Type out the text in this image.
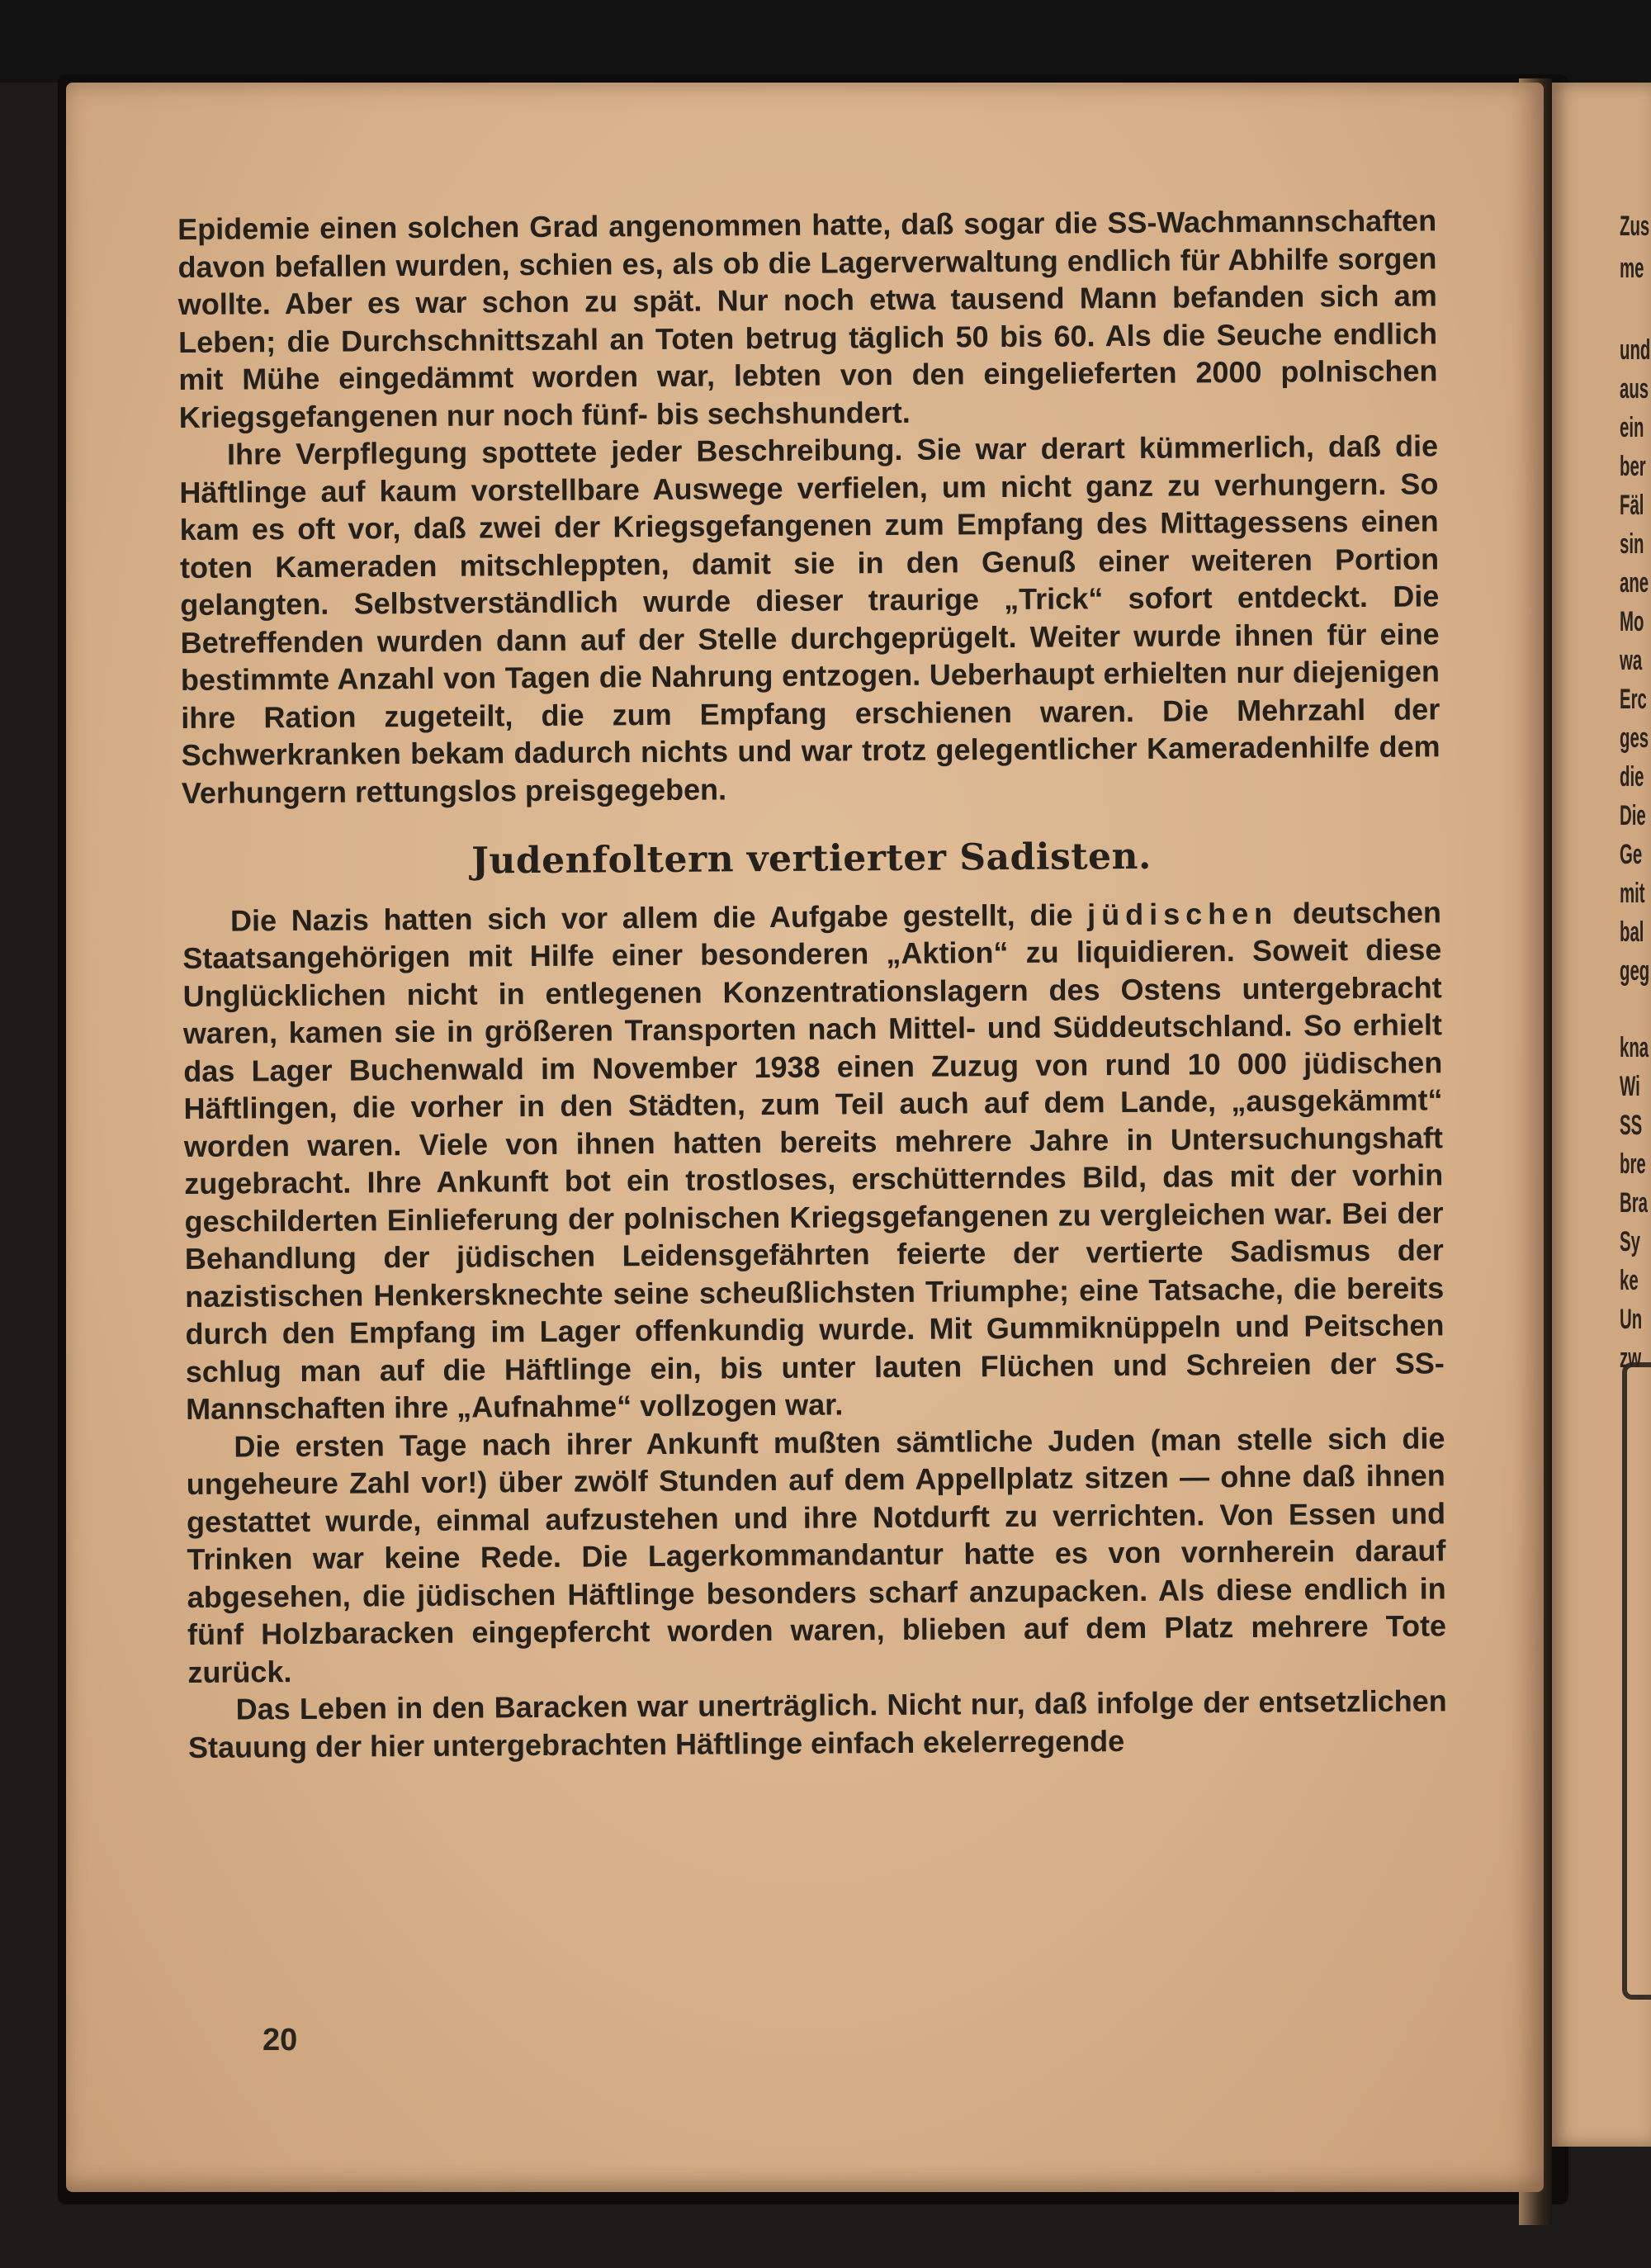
Zus
me
und
aus
ein
ber
Fäl
sin
ane
Mo
wa
Erc
ges
die
Die
Ge
mit
bal
geg
kna
Wi
SS
bre
Bra
Sy
ke
Un
zw

Epidemie einen solchen Grad angenommen hatte, daß sogar die SS-Wachmannschaften davon befallen wurden, schien es, als ob die Lagerverwaltung endlich für Abhilfe sorgen wollte. Aber es war schon zu spät. Nur noch etwa tausend Mann befanden sich am Leben; die Durchschnittszahl an Toten betrug täglich 50 bis 60. Als die Seuche endlich mit Mühe eingedämmt worden war, lebten von den eingelieferten 2000 polnischen Kriegsgefangenen nur noch fünf- bis sechshundert.

Ihre Verpflegung spottete jeder Beschreibung. Sie war derart kümmerlich, daß die Häftlinge auf kaum vorstellbare Auswege verfielen, um nicht ganz zu verhungern. So kam es oft vor, daß zwei der Kriegsgefangenen zum Empfang des Mittagessens einen toten Kameraden mitschleppten, damit sie in den Genuß einer weiteren Portion gelangten. Selbstverständlich wurde dieser traurige „Trick“ sofort entdeckt. Die Betreffenden wurden dann auf der Stelle durchgeprügelt. Weiter wurde ihnen für eine bestimmte Anzahl von Tagen die Nahrung entzogen. Ueberhaupt erhielten nur diejenigen ihre Ration zugeteilt, die zum Empfang erschienen waren. Die Mehrzahl der Schwerkranken bekam dadurch nichts und war trotz gelegentlicher Kameradenhilfe dem Verhungern rettungslos preisgegeben.

Judenfoltern vertierter Sadisten.

Die Nazis hatten sich vor allem die Aufgabe gestellt, die jüdischen deutschen Staatsangehörigen mit Hilfe einer besonderen „Aktion“ zu liquidieren. Soweit diese Unglücklichen nicht in entlegenen Konzentrationslagern des Ostens untergebracht waren, kamen sie in größeren Transporten nach Mittel- und Süddeutschland. So erhielt das Lager Buchenwald im November 1938 einen Zuzug von rund 10 000 jüdischen Häftlingen, die vorher in den Städten, zum Teil auch auf dem Lande, „ausgekämmt“ worden waren. Viele von ihnen hatten bereits mehrere Jahre in Untersuchungshaft zugebracht. Ihre Ankunft bot ein trostloses, erschütterndes Bild, das mit der vorhin geschilderten Einlieferung der polnischen Kriegsgefangenen zu vergleichen war. Bei der Behandlung der jüdischen Leidensgefährten feierte der vertierte Sadismus der nazistischen Henkersknechte seine scheußlichsten Triumphe; eine Tatsache, die bereits durch den Empfang im Lager offenkundig wurde. Mit Gummiknüppeln und Peitschen schlug man auf die Häftlinge ein, bis unter lauten Flüchen und Schreien der SS-Mannschaften ihre „Aufnahme“ vollzogen war.

Die ersten Tage nach ihrer Ankunft mußten sämtliche Juden (man stelle sich die ungeheure Zahl vor!) über zwölf Stunden auf dem Appellplatz sitzen — ohne daß ihnen gestattet wurde, einmal aufzustehen und ihre Notdurft zu verrichten. Von Essen und Trinken war keine Rede. Die Lagerkommandantur hatte es von vornherein darauf abgesehen, die jüdischen Häftlinge besonders scharf anzupacken. Als diese endlich in fünf Holzbaracken eingepfercht worden waren, blieben auf dem Platz mehrere Tote zurück.

Das Leben in den Baracken war unerträglich. Nicht nur, daß infolge der entsetzlichen Stauung der hier untergebrachten Häftlinge einfach ekelerregende

20
